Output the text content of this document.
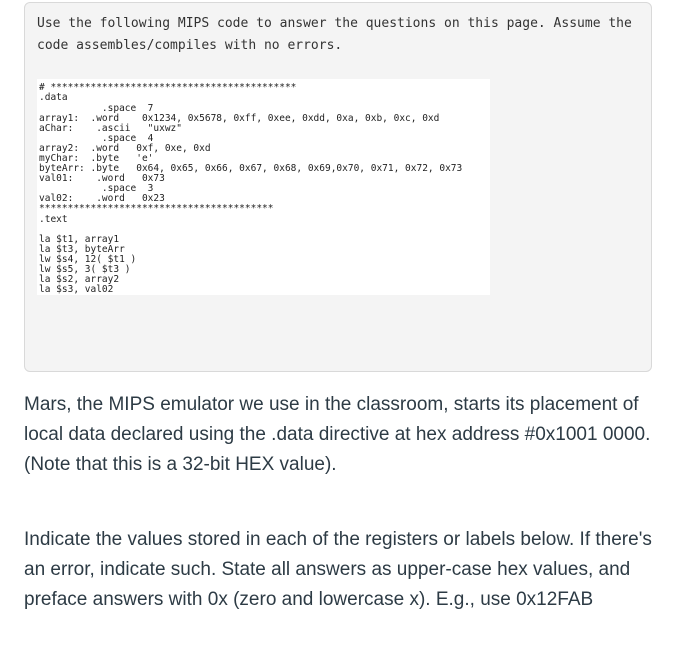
Use the following MIPS code to answer the questions on this page. Assume the code assembles/compiles with no errors.

# *******************************************
.data
.space  7
array1:  .word    0x1234, 0x5678, 0xff, 0xee, 0xdd, 0xa, 0xb, 0xc, 0xd
aChar:    .ascii   "uxwz"
.space  4
array2:  .word   0xf, 0xe, 0xd
myChar:  .byte   'e'
byteArr: .byte   0x64, 0x65, 0x66, 0x67, 0x68, 0x69,0x70, 0x71, 0x72, 0x73
val01:    .word   0x73
.space  3
val02:    .word   0x23
*****************************************
.text
la $t1, array1
la $t3, byteArr
lw $s4, 12( $t1 )
lw $s5, 3( $t3 )
la $s2, array2
la $s3, val02

Mars, the MIPS emulator we use in the classroom, starts its placement of local data declared using the .data directive at hex address #0x1001 0000. (Note that this is a 32-bit HEX value).

Indicate the values stored in each of the registers or labels below. If there's an error, indicate such. State all answers as upper-case hex values, and preface answers with 0x (zero and lowercase x). E.g., use 0x12FAB
